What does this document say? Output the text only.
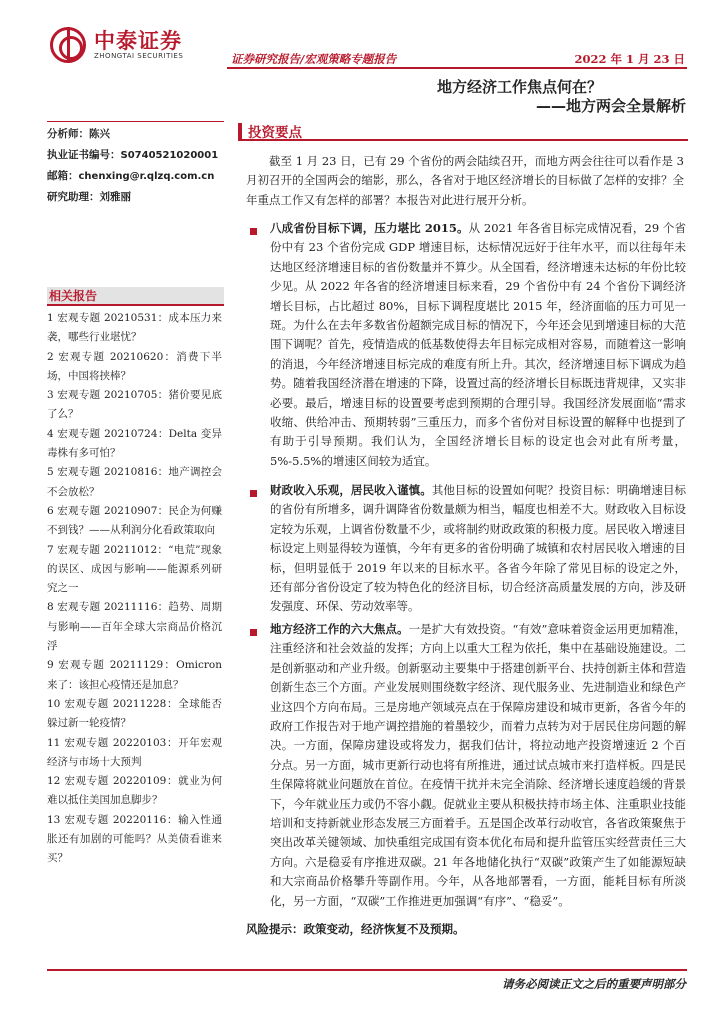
中泰证券
ZHONGTAI SECURITIES	证券研究报告/宏观策略专题报告	2022 年 1 月 23 日
地方经济工作焦点何在？
——地方两会全景解析
分析师：陈兴
执业证书编号：S0740521020001
邮箱：chenxing@r.qlzq.com.cn
研究助理：刘雅丽
相关报告
1 宏观专题 20210531：成本压力来袭，哪些行业堪忧？
2 宏观专题 20210620：消费下半场，中国将挟棒？
3 宏观专题 20210705：猪价要见底了么？
4 宏观专题 20210724：Delta 变异毒株有多可怕？
5 宏观专题 20210816：地产调控会不会放松？
6 宏观专题 20210907：民企为何赚不到钱？——从利润分化看政策取向
7 宏观专题 20211012：“电荒”现象的误区、成因与影响——能源系列研究之一
8 宏观专题 20211116：趋势、周期与影响——百年全球大宗商品价格沉浮
9 宏观专题 20211129：Omicron 来了：该担心疫情还是加息？
10 宏观专题 20211228：全球能否躲过新一轮疫情？
11 宏观专题 20220103：开年宏观经济与市场十大预判
12 宏观专题 20220109：就业为何难以抵住美国加息脚步？
13 宏观专题 20220116：输入性通胀还有加剧的可能吗？从美债看谁来买？
投资要点

截至 1 月 23 日，已有 29 个省份的两会陆续召开，而地方两会往往可以看作是 3 月初召开的全国两会的缩影，那么，各省对于地区经济增长的目标做了怎样的安排？全年重点工作又有怎样的部署？本报告对此进行展开分析。

八成省份目标下调，压力堪比 2015。从 2021 年各省目标完成情况看，29 个省份中有 23 个省份完成 GDP 增速目标，达标情况远好于往年水平，而以往每年未达地区经济增速目标的省份数量并不算少。从全国看，经济增速未达标的年份比较少见。从 2022 年各省的经济增速目标来看，29 个省份中有 24 个省份下调经济增长目标，占比超过 80%，目标下调程度堪比 2015 年，经济面临的压力可见一斑。为什么在去年多数省份超额完成目标的情况下，今年还会见到增速目标的大范围下调呢？首先，疫情造成的低基数使得去年目标完成相对容易，而随着这一影响的消退，今年经济增速目标完成的难度有所上升。其次，经济增速目标下调成为趋势。随着我国经济潜在增速的下降，设置过高的经济增长目标既违背规律，又实非必要。最后，增速目标的设置要考虑到预期的合理引导。我国经济发展面临“需求收缩、供给冲击、预期转弱”三重压力，而多个省份对目标设置的解释中也提到了有助于引导预期。我们认为，全国经济增长目标的设定也会对此有所考量，5%-5.5%的增速区间较为适宜。

财政收入乐观，居民收入谨慎。其他目标的设置如何呢？投资目标：明确增速目标的省份有所增多，调升调降省份数量颇为相当，幅度也相差不大。财政收入目标设定较为乐观，上调省份数量不少，或将制约财政政策的积极力度。居民收入增速目标设定上则显得较为谨慎，今年有更多的省份明确了城镇和农村居民收入增速的目标，但明显低于 2019 年以来的目标水平。各省今年除了常见目标的设定之外，还有部分省份设定了较为特色化的经济目标，切合经济高质量发展的方向，涉及研发强度、环保、劳动效率等。

地方经济工作的六大焦点。一是扩大有效投资。“有效”意味着资金运用更加精准，注重经济和社会效益的发挥；方向上以重大工程为依托，集中在基础设施建设。二是创新驱动和产业升级。创新驱动主要集中于搭建创新平台、扶持创新主体和营造创新生态三个方面。产业发展则围绕数字经济、现代服务业、先进制造业和绿色产业这四个方向布局。三是房地产领域亮点在于保障房建设和城市更新，各省今年的政府工作报告对于地产调控措施的着墨较少，而着力点转为对于居民住房问题的解决。一方面，保障房建设或将发力，据我们估计，将拉动地产投资增速近 2 个百分点。另一方面，城市更新行动也将有所推进，通过试点城市来打造样板。四是民生保障将就业问题放在首位。在疫情干扰并未完全消除、经济增长速度趋缓的背景下，今年就业压力或仍不容小觑。促就业主要从积极扶持市场主体、注重职业技能培训和支持新就业形态发展三方面着手。五是国企改革行动收官，各省政策聚焦于突出改革关键领域、加快重组完成国有资本优化布局和提升监管压实经营责任三大方向。六是稳妥有序推进双碳。21 年各地储化执行“双碳”政策产生了如能源短缺和大宗商品价格攀升等副作用。今年，从各地部署看，一方面，能耗目标有所淡化，另一方面，“双碳”工作推进更加强调“有序”、“稳妥”。

风险提示：政策变动，经济恢复不及预期。
请务必阅读正文之后的重要声明部分
